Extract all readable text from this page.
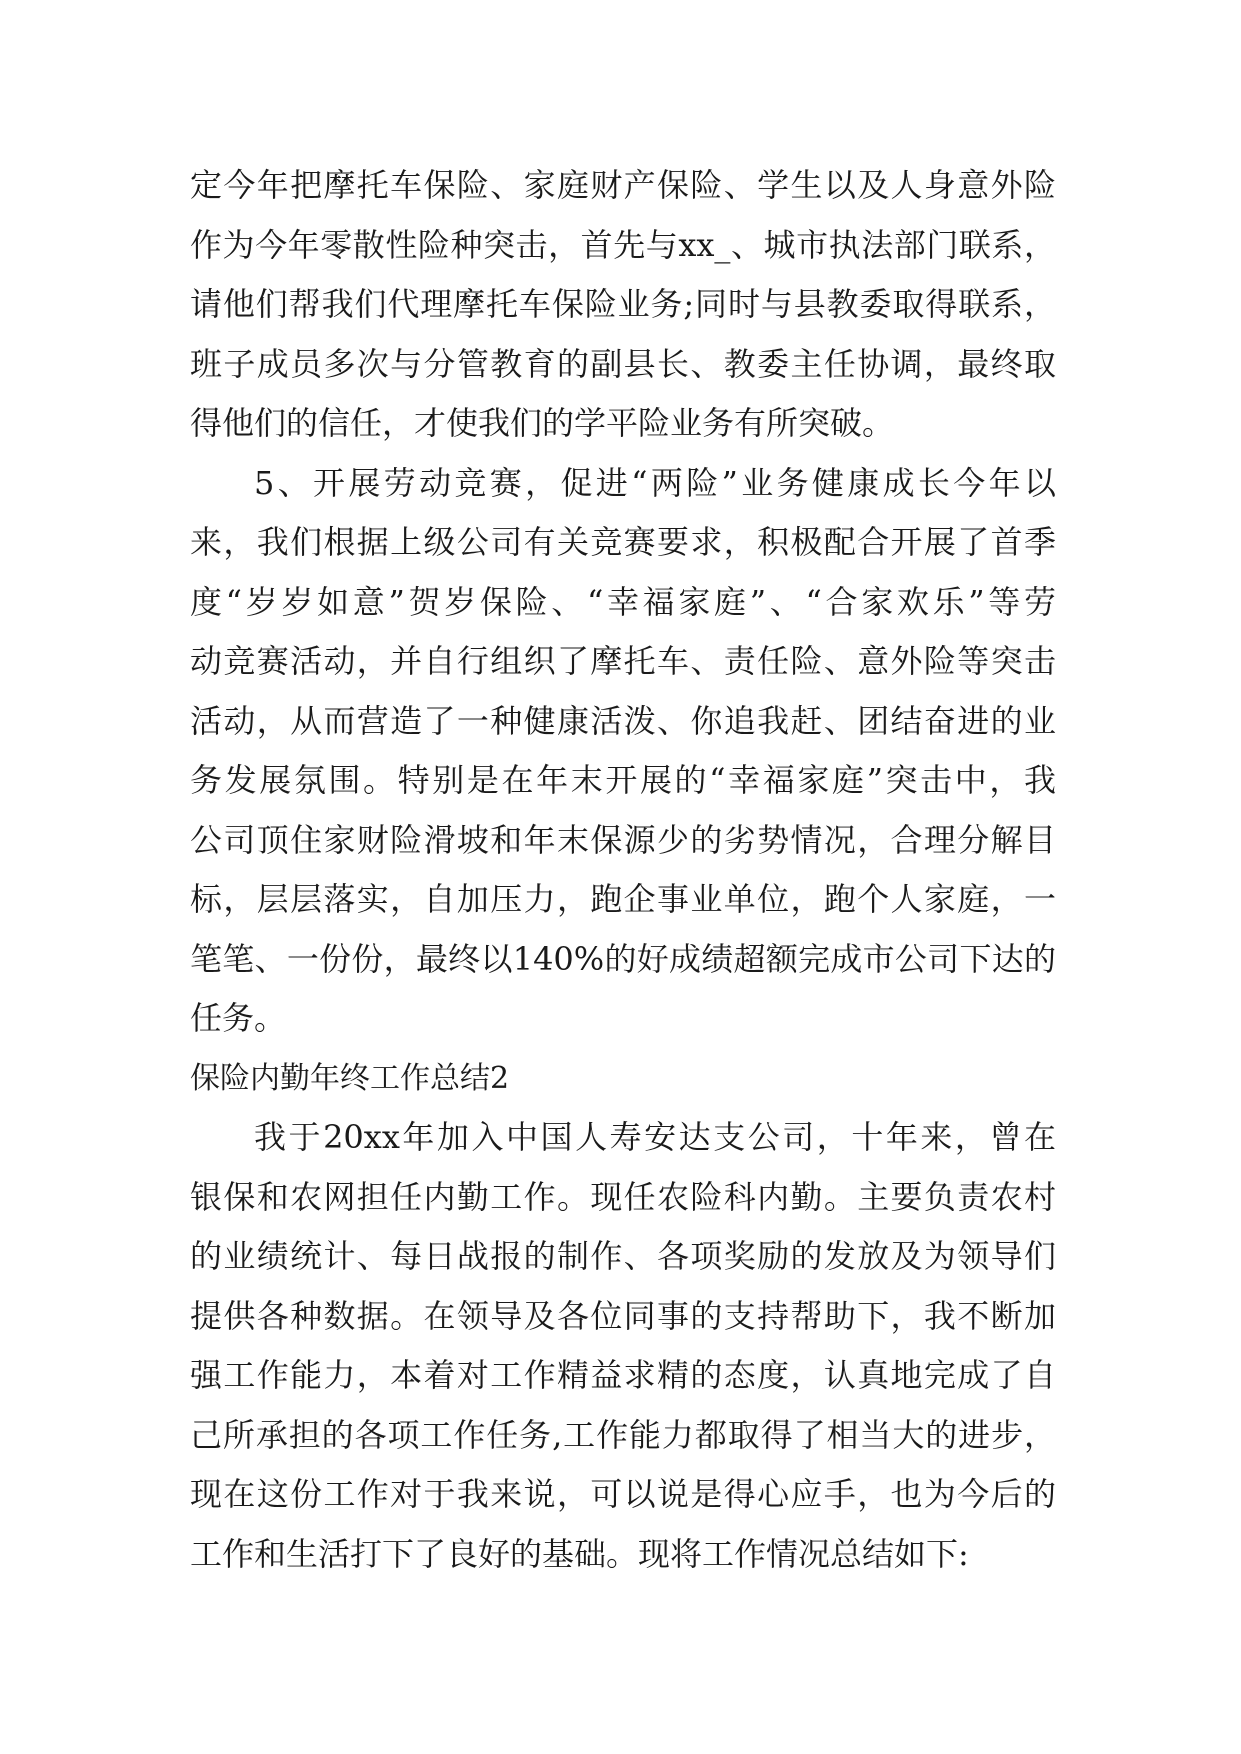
定今年把摩托车保险、家庭财产保险、学生以及人身意外险
作为今年零散性险种突击，首先与xx_、城市执法部门联系，
请他们帮我们代理摩托车保险业务;同时与县教委取得联系，
班子成员多次与分管教育的副县长、教委主任协调，最终取
得他们的信任，才使我们的学平险业务有所突破。
5、开展劳动竞赛，促进“两险”业务健康成长今年以
来，我们根据上级公司有关竞赛要求，积极配合开展了首季
度“岁岁如意”贺岁保险、“幸福家庭”、“合家欢乐”等劳
动竞赛活动，并自行组织了摩托车、责任险、意外险等突击
活动，从而营造了一种健康活泼、你追我赶、团结奋进的业
务发展氛围。特别是在年末开展的“幸福家庭”突击中，我
公司顶住家财险滑坡和年末保源少的劣势情况，合理分解目
标，层层落实，自加压力，跑企事业单位，跑个人家庭，一
笔笔、一份份，最终以140%的好成绩超额完成市公司下达的
任务。
保险内勤年终工作总结2
我于20xx年加入中国人寿安达支公司，十年来，曾在
银保和农网担任内勤工作。现任农险科内勤。主要负责农村
的业绩统计、每日战报的制作、各项奖励的发放及为领导们
提供各种数据。在领导及各位同事的支持帮助下，我不断加
强工作能力，本着对工作精益求精的态度，认真地完成了自
己所承担的各项工作任务,工作能力都取得了相当大的进步，
现在这份工作对于我来说，可以说是得心应手，也为今后的
工作和生活打下了良好的基础。现将工作情况总结如下:
